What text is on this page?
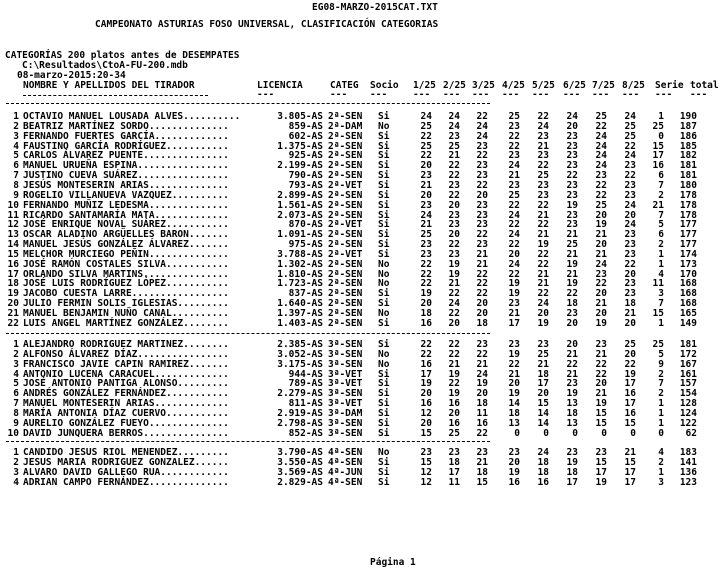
EG08-MARZO-2015CAT.TXT
CAMPEONATO ASTURIAS FOSO UNIVERSAL, CLASIFICACIÓN CATEGORIAS
CATEGORÍAS 200 platos antes de DESEMPATES
C:\Resultados\CtoA-FU-200.mdb
08-marzo-2015:20-34
NOMBRE Y APELLIDOS DEL TIRADOR	LICENCIA	CATEG Socio 1/25 2/25 3/25 4/25 5/25 6/25 7/25 8/25 Serie total
---	--- ---	--- --- --- --- --- --- --- --- --- ---
1 OCTAVIO MANUEL LOUSADA ALVES..........	3.805-AS 2ª-SEN Si	24 24 22 25 22 24 25 24 1 190
2 BEATRIZ MARTÍNEZ SORDO..............	859-AS 2ª-DAM No	25 24 24 23 24 20 22 25 25 187
3 FERNANDO FUERTES GARCÍA.............	602-AS 2ª-SEN Si	22 23 24 22 23 23 24 25 0 186
4 FAUSTINO GARCÍA RODRÍGUEZ...........	1.375-AS 2ª-SEN Si	25 25 23 22 21 23 24 22 15 185
5 CARLOS ÁLVAREZ PUENTE...............	925-AS 2ª-SEN Si	22 21 22 23 23 23 24 24 17 182
6 MANUEL URUEÑA ESPINA................	2.199-AS 2ª-SEN Si	20 22 23 24 22 23 24 23 16 181
7 JUSTINO CUEVA SUÁREZ................	790-AS 2ª-SEN Si	23 22 23 21 25 22 23 22 6 181
8 JESÚS MONTESERIN ARIAS..............	793-AS 2ª-VET Si	21 23 22 23 23 23 22 23 7 180
9 ROGELIO VILLANUEVA VAZQUEZ..........	2.899-AS 2ª-SEN Si	20 22 20 25 23 23 22 23 2 178
10 FERNANDO MUÑIZ LEDESMA..............	1.561-AS 2ª-SEN Si	23 20 23 22 22 19 25 24 21 178
11 RICARDO SANTAMARÍA MATA.............	2.073-AS 2ª-SEN Si	24 23 23 24 21 23 20 20 7 178
12 JOSÉ ENRIQUE NOVAL SUÁREZ...........	870-AS 2ª-VET Si	21 23 23 22 22 23 19 24 5 177
13 OSCAR ALADINO ARGÜELLES BARON.......	1.091-AS 2ª-SEN Si	25 20 22 24 21 21 21 23 6 177
14 MANUEL JESÚS GONZÁLEZ ÁLVAREZ.......	975-AS 2ª-SEN Si	23 22 23 22 19 25 20 23 2 177
15 MELCHOR MURCIEGO PEÑIN..............	3.788-AS 2ª-VET Si	23 23 21 20 22 21 21 23 1 174
16 JOSÉ RAMÓN COSTALES SILVA...........	1.302-AS 2ª-SEN No	22 19 21 24 22 19 24 22 1 173
17 ORLANDO SILVA MARTINS...............	1.810-AS 2ª-SEN No	22 19 22 22 21 21 23 20 4 170
18 JOSÉ LUIS RODRÍGUEZ LÓPEZ...........	1.723-AS 2ª-SEN No	22 21 22 19 21 19 22 23 11 168
19 JACOBO CUESTA LARRE.................	837-AS 2ª-SEN Si	19 22 22 19 22 22 20 23 3 168
20 JULIO FERMIN SOLIS IGLESIAS.........	1.640-AS 2ª-SEN Si	20 24 20 23 24 18 21 18 7 168
21 MANUEL BENJAMIN NUÑO CANAL..........	1.397-AS 2ª-SEN No	18 22 20 21 20 23 20 21 15 165
22 LUIS ANGEL MARTÍNEZ GONZÁLEZ........	1.403-AS 2ª-SEN Si	16 20 18 17 19 20 19 20 1 149
1 ALEJANDRO RODRIGUEZ MARTINEZ........	2.385-AS 3ª-SEN Si	22 22 23 23 23 20 23 25 25 181
2 ALFONSO ÁLVAREZ DÍAZ................	3.052-AS 3ª-SEN No	22 22 22 19 25 21 21 20 5 172
3 FRANCISCO JAVIE CAPIN RAMIREZ.......	3.175-AS 3ª-SEN No	16 21 21 22 21 22 22 22 9 167
4 ANTONIO LUCENA CARACUEL.............	944-AS 3ª-VET Si	17 19 24 21 18 21 22 19 2 161
5 JOSÉ ANTONIO PANTIGA ALONSO.........	789-AS 3ª-VET Si	19 22 19 20 17 23 20 17 7 157
6 ANDRÉS GONZÁLEZ FERNÁNDEZ...........	2.279-AS 3ª-SEN Si	20 19 20 19 20 19 21 16 2 154
7 MANUEL MONTESERIN ARIAS.............	811-AS 3ª-VET Si	16 16 18 14 15 13 19 17 1 128
8 MARÍA ANTONIA DÍAZ CUERVO...........	2.919-AS 3ª-DAM Si	12 20 11 18 14 18 15 16 1 124
9 AURELIO GONZÁLEZ FUEYO..............	2.798-AS 3ª-SEN Si	20 16 16 13 14 13 15 15 1 122
10 DAVID JUNQUERA BERROS...............	852-AS 3ª-SEN Si	15 25 22	0 0 0 0 0 0 62
1 CANDIDO JESUS RIOL MENENDEZ.........	3.790-AS 4ª-SEN No	23 23 23 23 24 23 23 21 4 183
2 JESUS MARIA RODRIGUEZ GONZALEZ......	3.550-AS 4ª-SEN Si	15 18 21 20 18 19 15 15 2 141
3 ALVARO DAVID GALLEGO RUA............	3.569-AS 4ª-JUN Si	12 17 18 19 18 18 17 17 1 136
4 ADRIAN CAMPO FERNÁNDEZ..............	2.829-AS 4ª-SEN Si	12 11 15 16 16 17 19 17 3 123
Página 1
